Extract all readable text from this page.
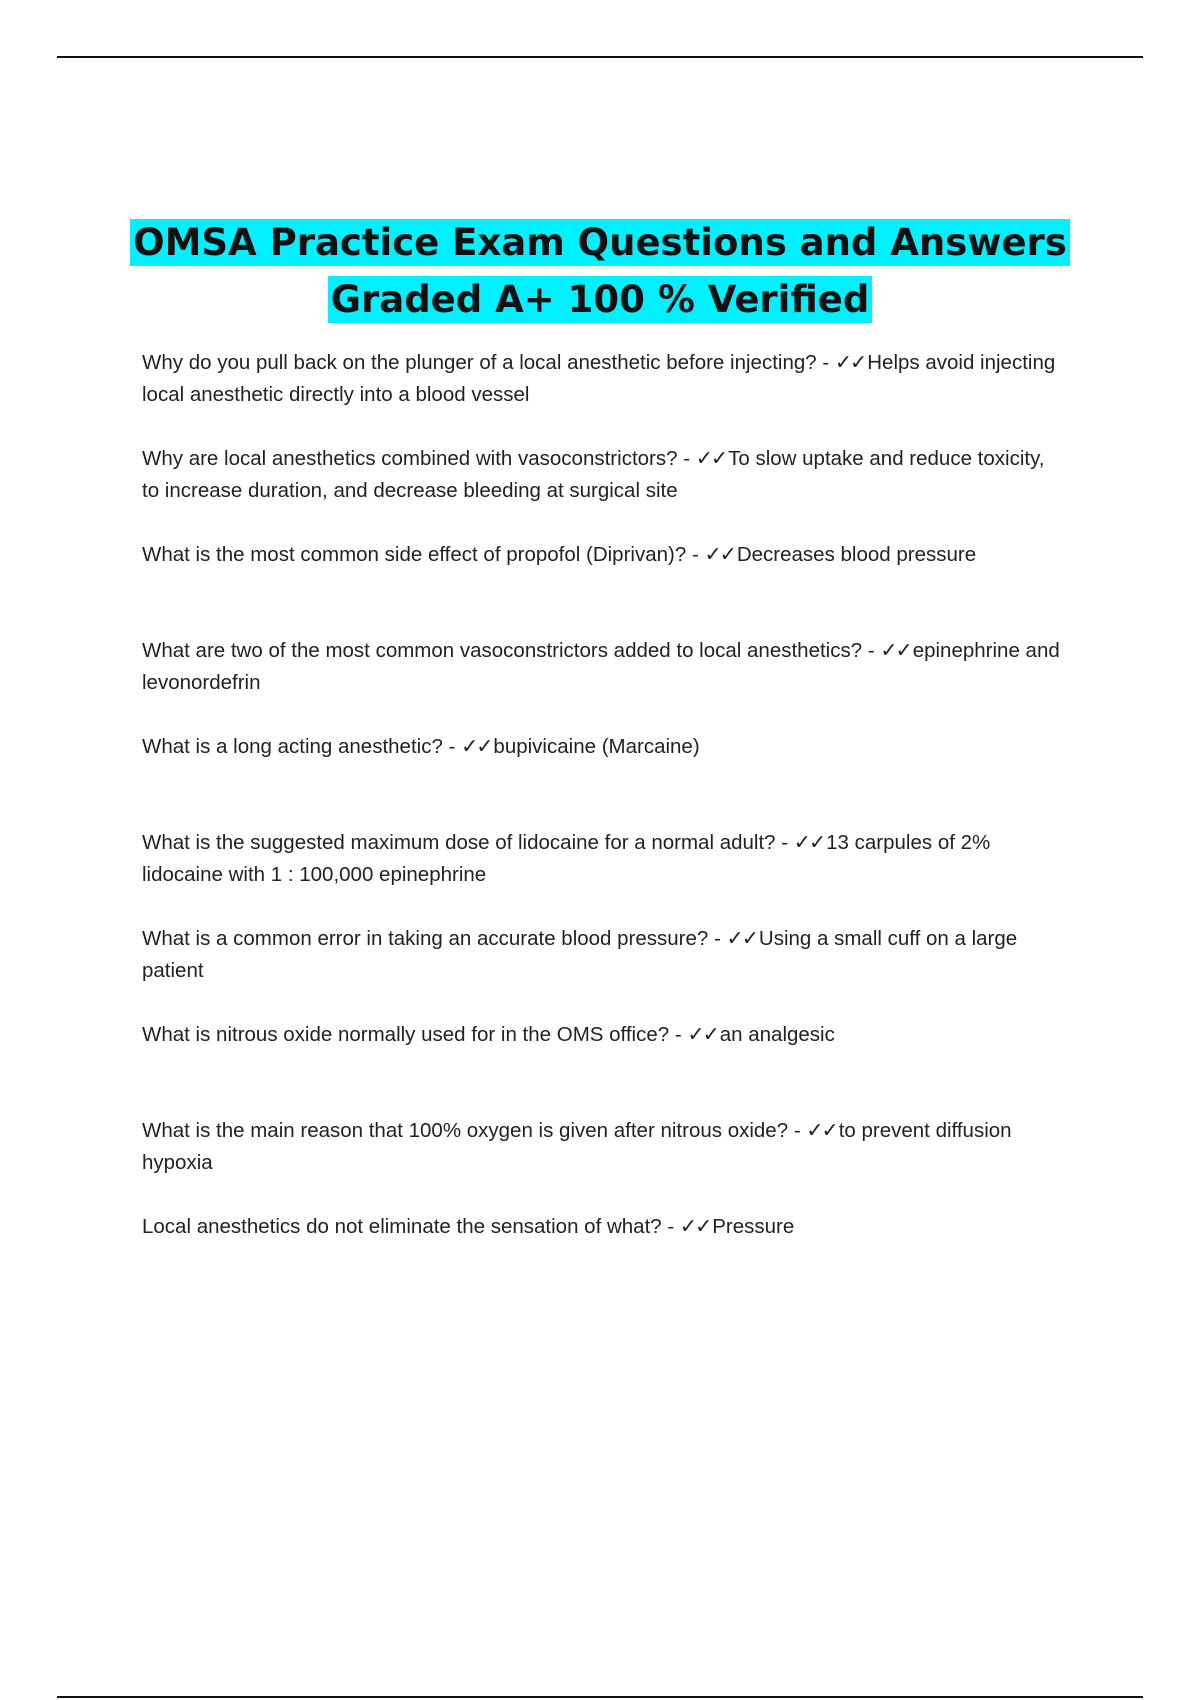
OMSA Practice Exam Questions and Answers
Graded A+ 100 % Verified
Why do you pull back on the plunger of a local anesthetic before injecting? - ✓✓Helps avoid injecting local anesthetic directly into a blood vessel
Why are local anesthetics combined with vasoconstrictors? - ✓✓To slow uptake and reduce toxicity, to increase duration, and decrease bleeding at surgical site
What is the most common side effect of propofol (Diprivan)? - ✓✓Decreases blood pressure
What are two of the most common vasoconstrictors added to local anesthetics? - ✓✓epinephrine and levonordefrin
What is a long acting anesthetic? - ✓✓bupivicaine (Marcaine)
What is the suggested maximum dose of lidocaine for a normal adult? - ✓✓13 carpules of 2% lidocaine with 1 : 100,000 epinephrine
What is a common error in taking an accurate blood pressure? - ✓✓Using a small cuff on a large patient
What is nitrous oxide normally used for in the OMS office? - ✓✓an analgesic
What is the main reason that 100% oxygen is given after nitrous oxide? - ✓✓to prevent diffusion hypoxia
Local anesthetics do not eliminate the sensation of what? - ✓✓Pressure
